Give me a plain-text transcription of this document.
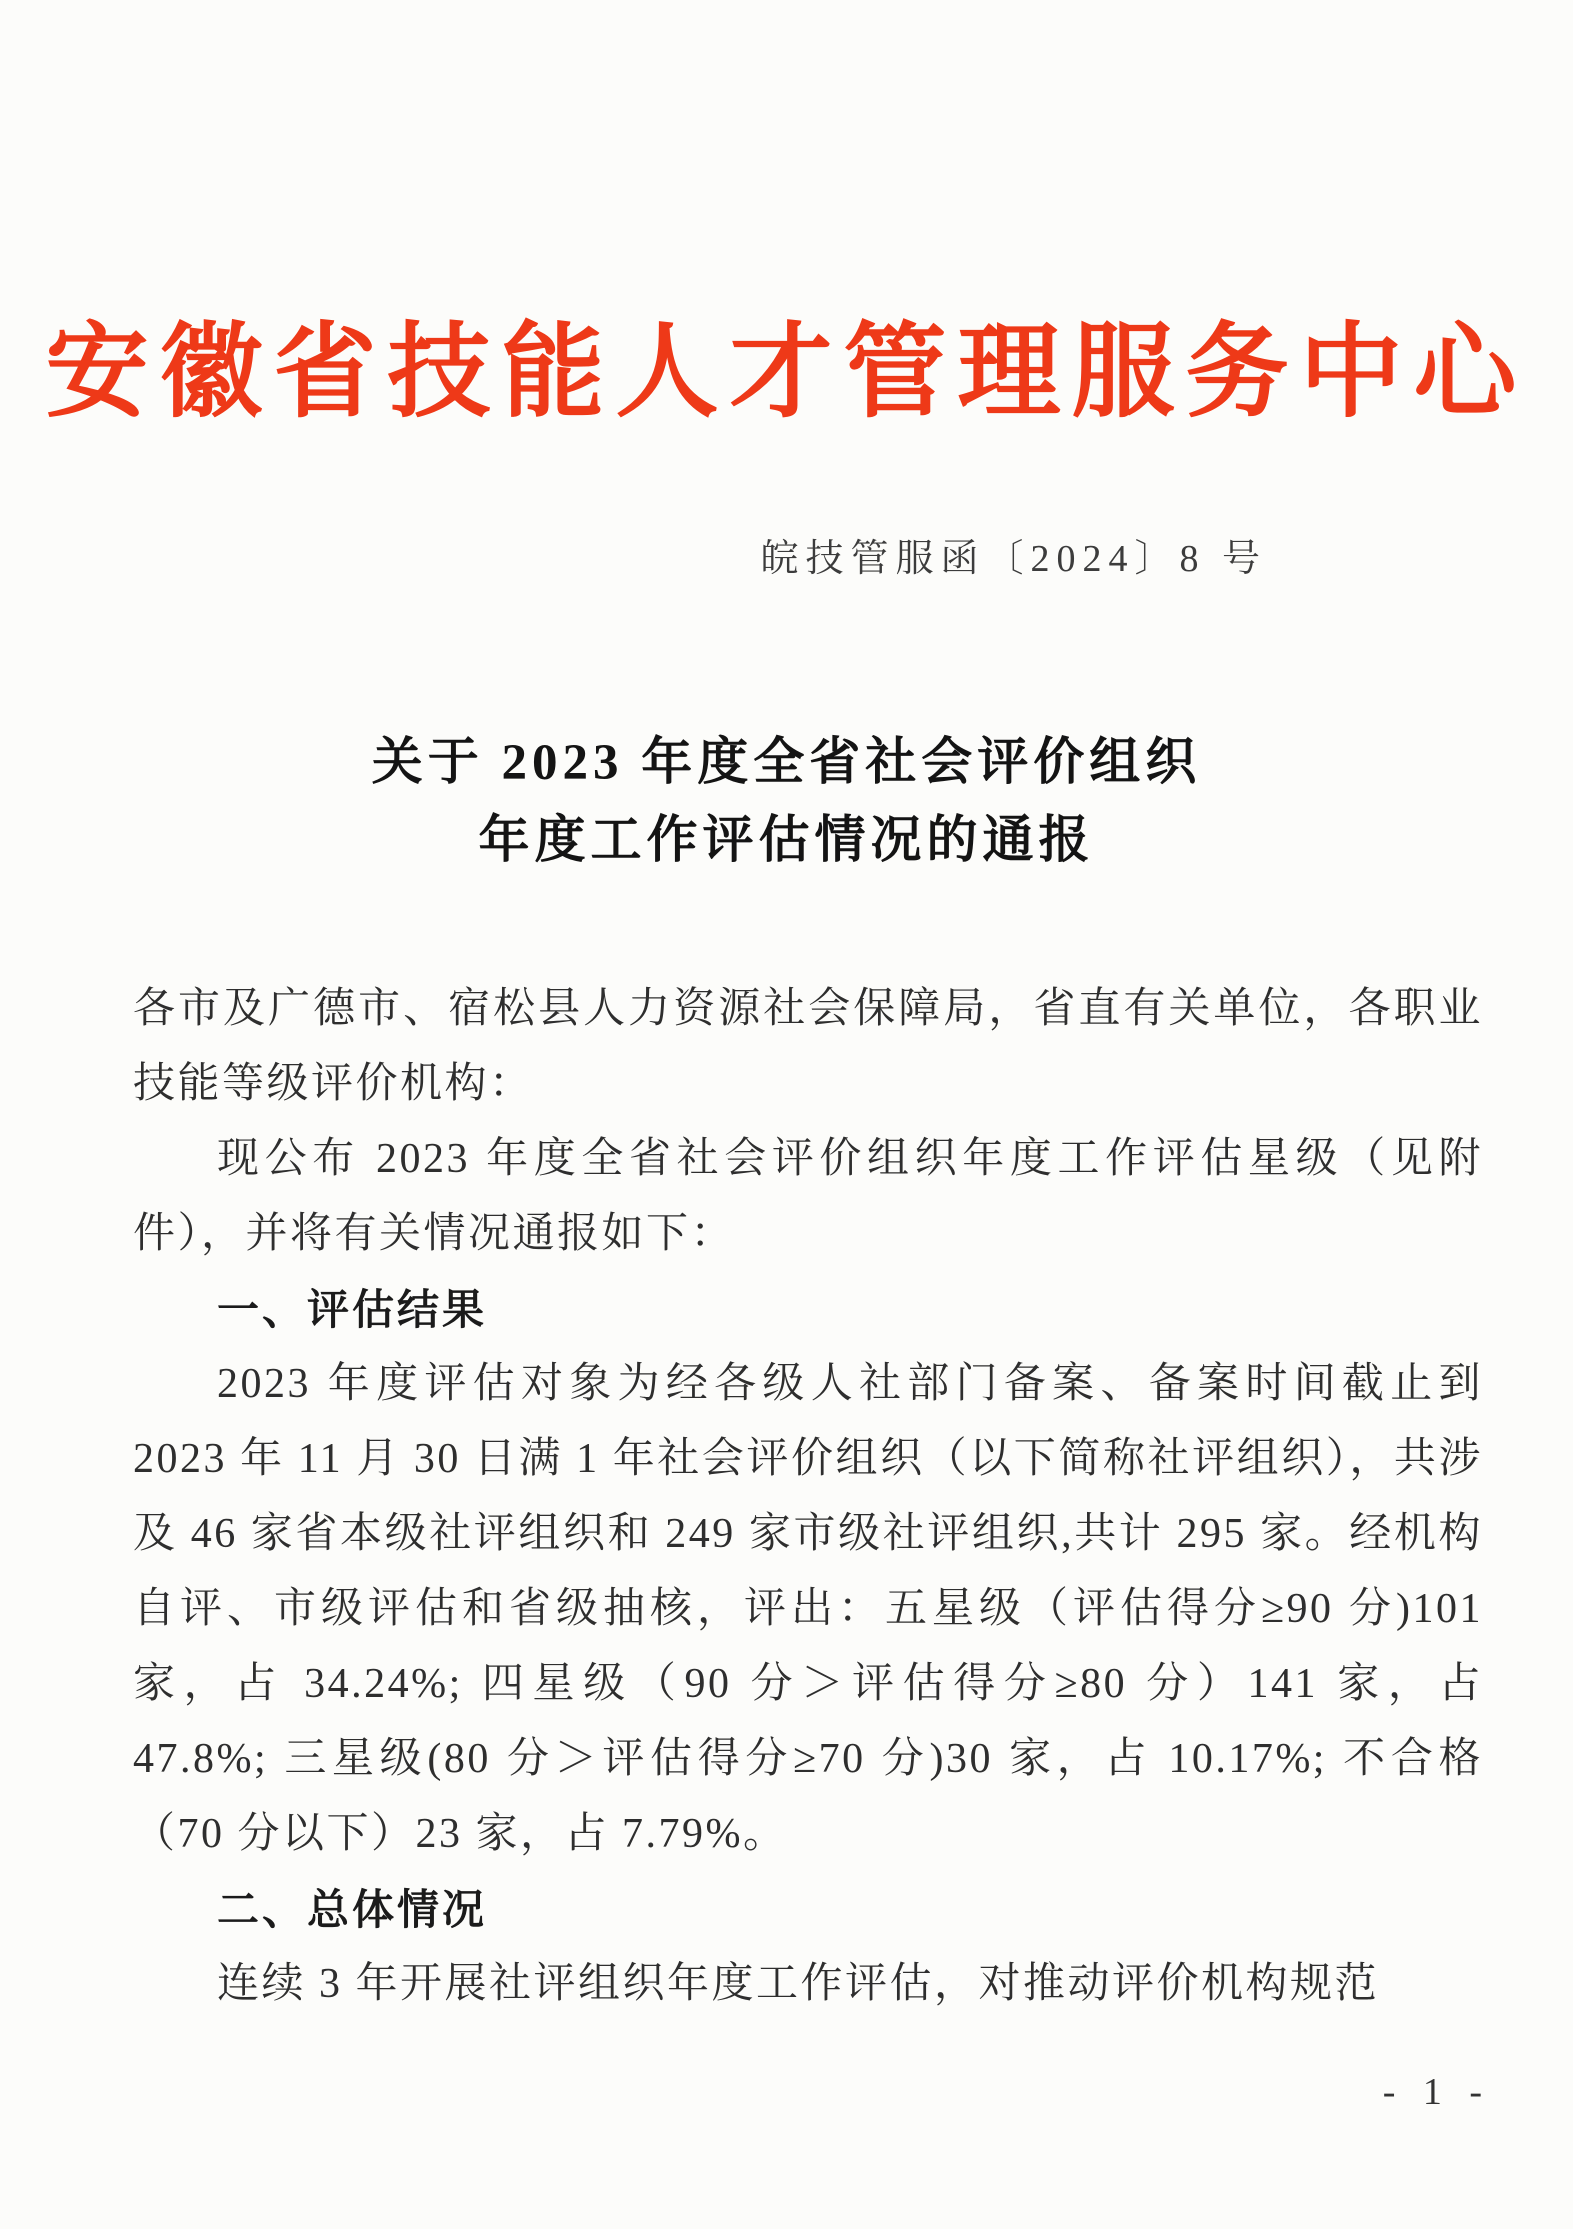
安徽省技能人才管理服务中心
皖技管服函〔2024〕8 号
关于 2023 年度全省社会评价组织
年度工作评估情况的通报

各市及广德市、宿松县人力资源社会保障局，省直有关单位，各职业技能等级评价机构：

现公布 2023 年度全省社会评价组织年度工作评估星级（见附件），并将有关情况通报如下：

一、评估结果

2023 年度评估对象为经各级人社部门备案、备案时间截止到 2023 年 11 月 30 日满 1 年社会评价组织（以下简称社评组织），共涉及 46 家省本级社评组织和 249 家市级社评组织,共计 295 家。经机构自评、市级评估和省级抽核，评出：五星级（评估得分≥90 分)101 家，占 34.24%; 四星级（90 分＞评估得分≥80 分）141 家，占 47.8%; 三星级(80 分＞评估得分≥70 分)30 家，占 10.17%; 不合格（70 分以下）23 家，占 7.79%。

二、总体情况

连续 3 年开展社评组织年度工作评估，对推动评价机构规范

- 1 -
